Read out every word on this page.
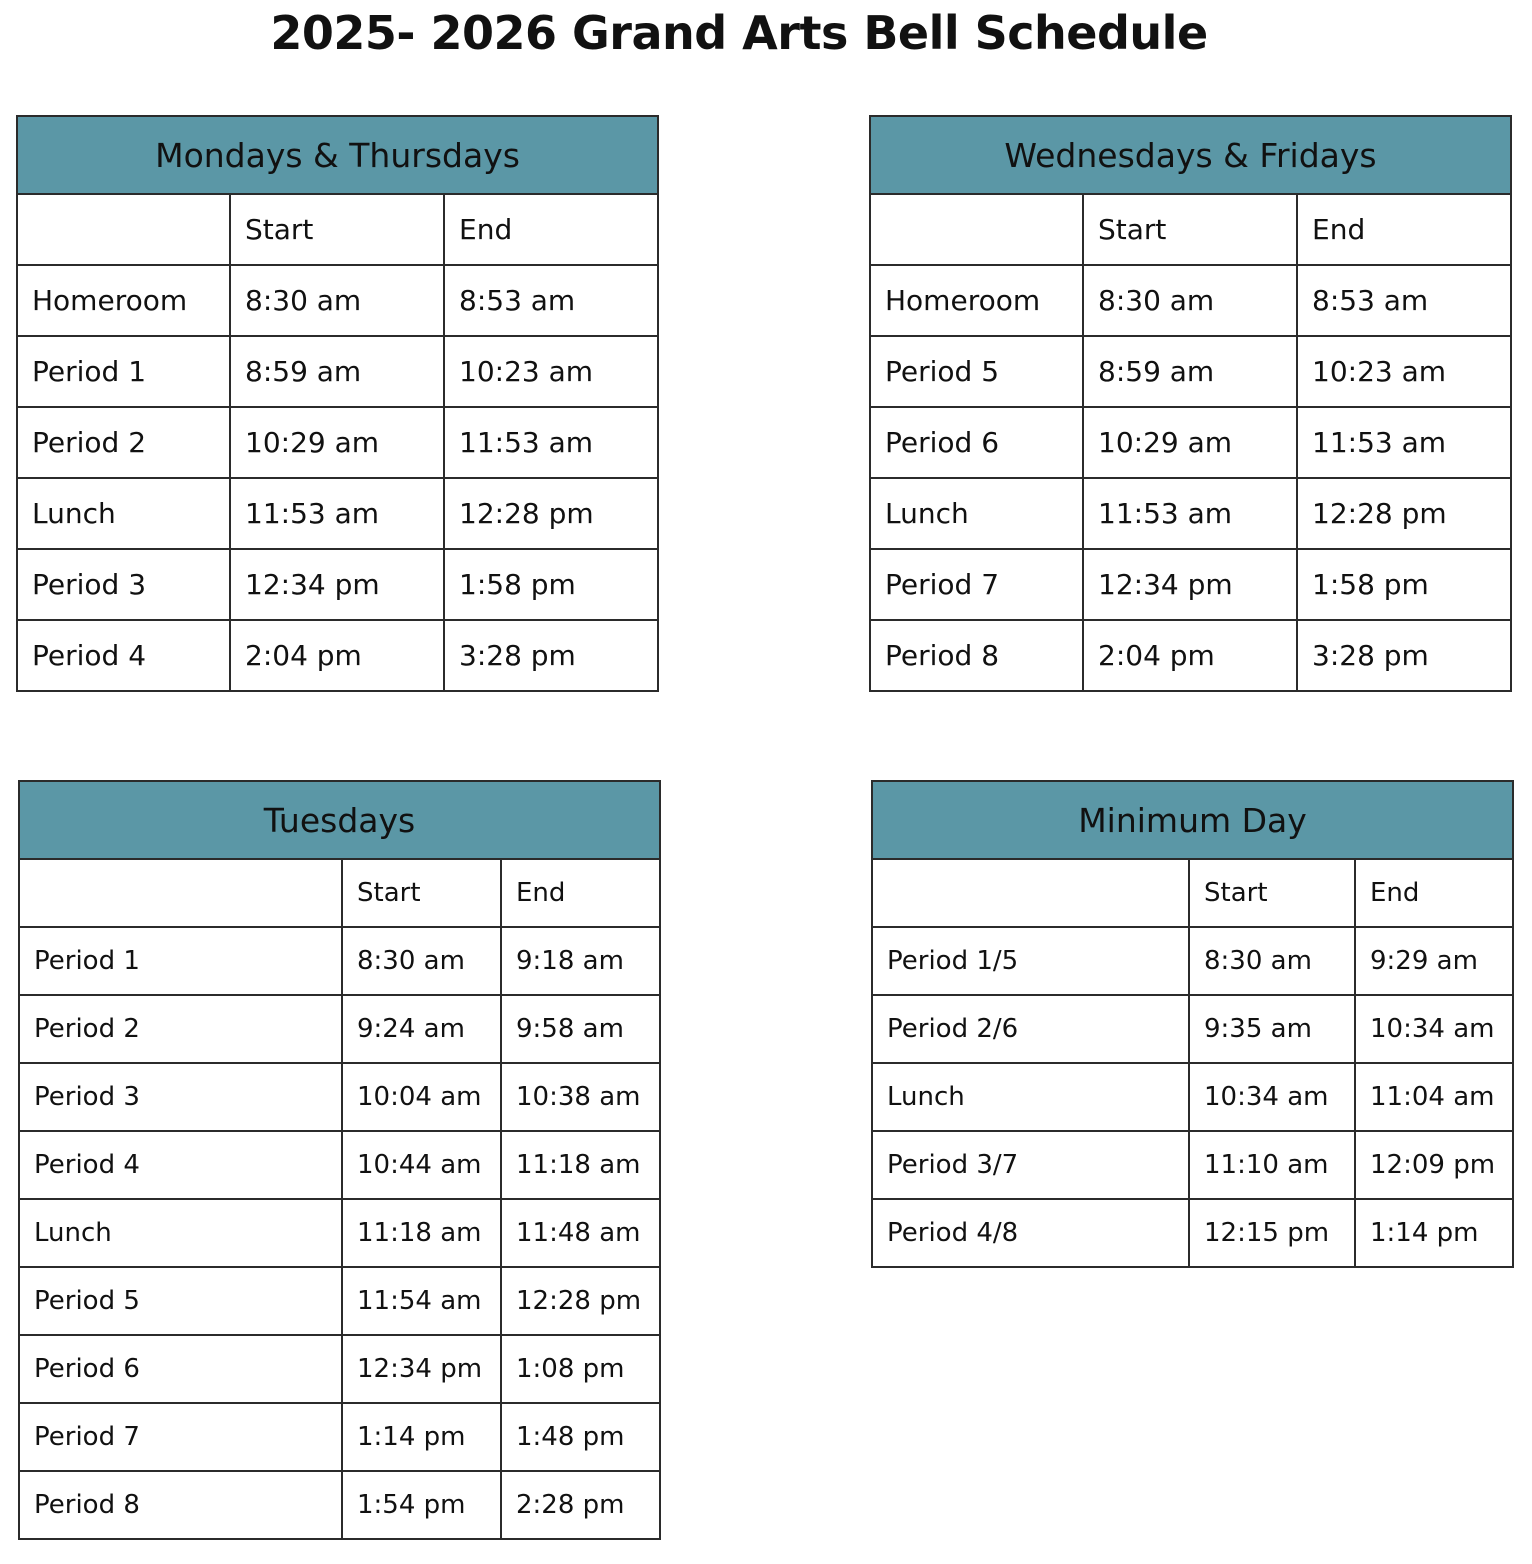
2025- 2026 Grand Arts Bell Schedule
Mondays & Thursdays		
	Start	End
Homeroom	8:30 am	8:53 am
Period 1	8:59 am	10:23 am
Period 2	10:29 am	11:53 am
Lunch	11:53 am	12:28 pm
Period 3	12:34 pm	1:58 pm
Period 4	2:04 pm	3:28 pm
Wednesdays & Fridays		
	Start	End
Homeroom	8:30 am	8:53 am
Period 5	8:59 am	10:23 am
Period 6	10:29 am	11:53 am
Lunch	11:53 am	12:28 pm
Period 7	12:34 pm	1:58 pm
Period 8	2:04 pm	3:28 pm
Tuesdays		
	Start	End
Period 1	8:30 am	9:18 am
Period 2	9:24 am	9:58 am
Period 3	10:04 am	10:38 am
Period 4	10:44 am	11:18 am
Lunch	11:18 am	11:48 am
Period 5	11:54 am	12:28 pm
Period 6	12:34 pm	1:08 pm
Period 7	1:14 pm	1:48 pm
Period 8	1:54 pm	2:28 pm
Minimum Day		
	Start	End
Period 1/5	8:30 am	9:29 am
Period 2/6	9:35 am	10:34 am
Lunch	10:34 am	11:04 am
Period 3/7	11:10 am	12:09 pm
Period 4/8	12:15 pm	1:14 pm
